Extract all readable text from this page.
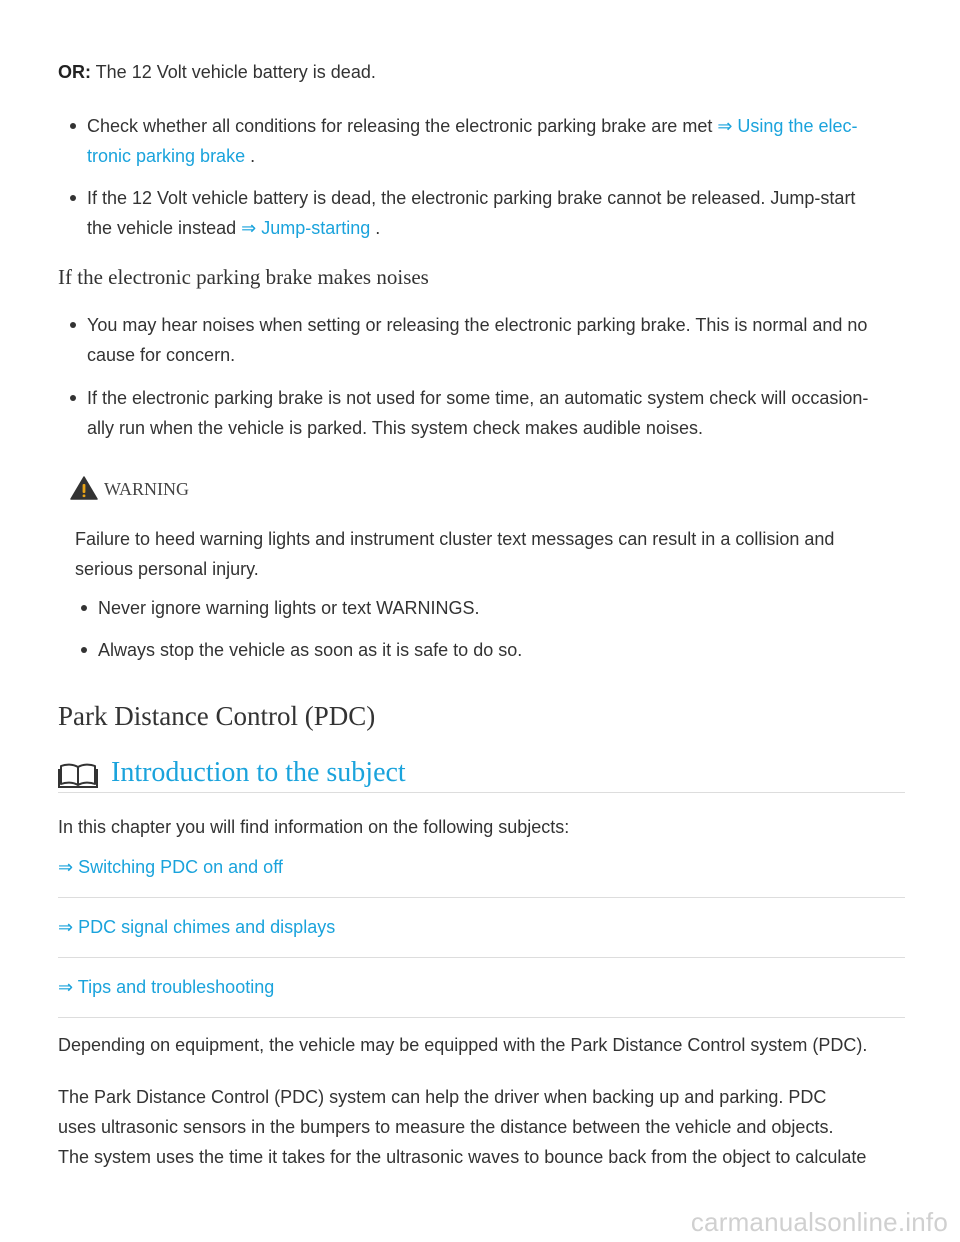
OR: The 12 Volt vehicle battery is dead.

Check whether all conditions for releasing the electronic parking brake are met ⇒ Using the elec-
tronic parking brake .

If the 12 Volt vehicle battery is dead, the electronic parking brake cannot be released. Jump-start
the vehicle instead ⇒ Jump-starting .

If the electronic parking brake makes noises

You may hear noises when setting or releasing the electronic parking brake. This is normal and no
cause for concern.

If the electronic parking brake is not used for some time, an automatic system check will occasion-
ally run when the vehicle is parked. This system check makes audible noises.

WARNING

Failure to heed warning lights and instrument cluster text messages can result in a collision and
serious personal injury.

Never ignore warning lights or text WARNINGS.

Always stop the vehicle as soon as it is safe to do so.

Park Distance Control (PDC)
Introduction to the subject

In this chapter you will find information on the following subjects:

⇒ Switching PDC on and off
⇒ PDC signal chimes and displays
⇒ Tips and troubleshooting

Depending on equipment, the vehicle may be equipped with the Park Distance Control system (PDC).

The Park Distance Control (PDC) system can help the driver when backing up and parking. PDC
uses ultrasonic sensors in the bumpers to measure the distance between the vehicle and objects.
The system uses the time it takes for the ultrasonic waves to bounce back from the object to calculate

carmanualsonline.info
